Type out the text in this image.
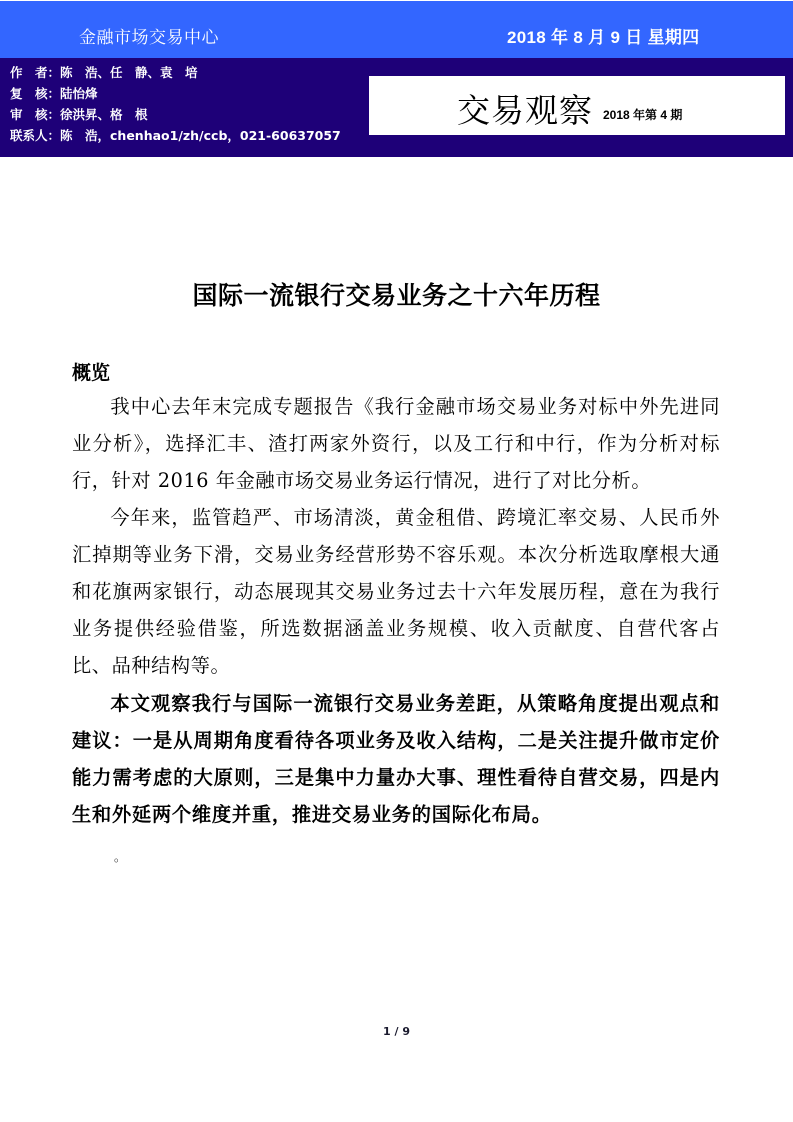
金融市场交易中心	2018 年 8 月 9 日 星期四
作　者：陈　浩、任　静、袁　培
复　核：陆怡烽
审　核：徐洪昇、格　根
联系人：陈　浩，chenhao1/zh/ccb，021-60637057
交易观察 2018 年第 4 期
国际一流银行交易业务之十六年历程
概览

我中心去年末完成专题报告《我行金融市场交易业务对标中外先进同业分析》，选择汇丰、渣打两家外资行，以及工行和中行，作为分析对标行，针对 2016 年金融市场交易业务运行情况，进行了对比分析。

今年来，监管趋严、市场清淡，黄金租借、跨境汇率交易、人民币外汇掉期等业务下滑，交易业务经营形势不容乐观。本次分析选取摩根大通和花旗两家银行，动态展现其交易业务过去十六年发展历程，意在为我行业务提供经验借鉴，所选数据涵盖业务规模、收入贡献度、自营代客占比、品种结构等。

本文观察我行与国际一流银行交易业务差距，从策略角度提出观点和建议：一是从周期角度看待各项业务及收入结构，二是关注提升做市定价能力需考虑的大原则，三是集中力量办大事、理性看待自营交易，四是内生和外延两个维度并重，推进交易业务的国际化布局。

。
1 / 9
